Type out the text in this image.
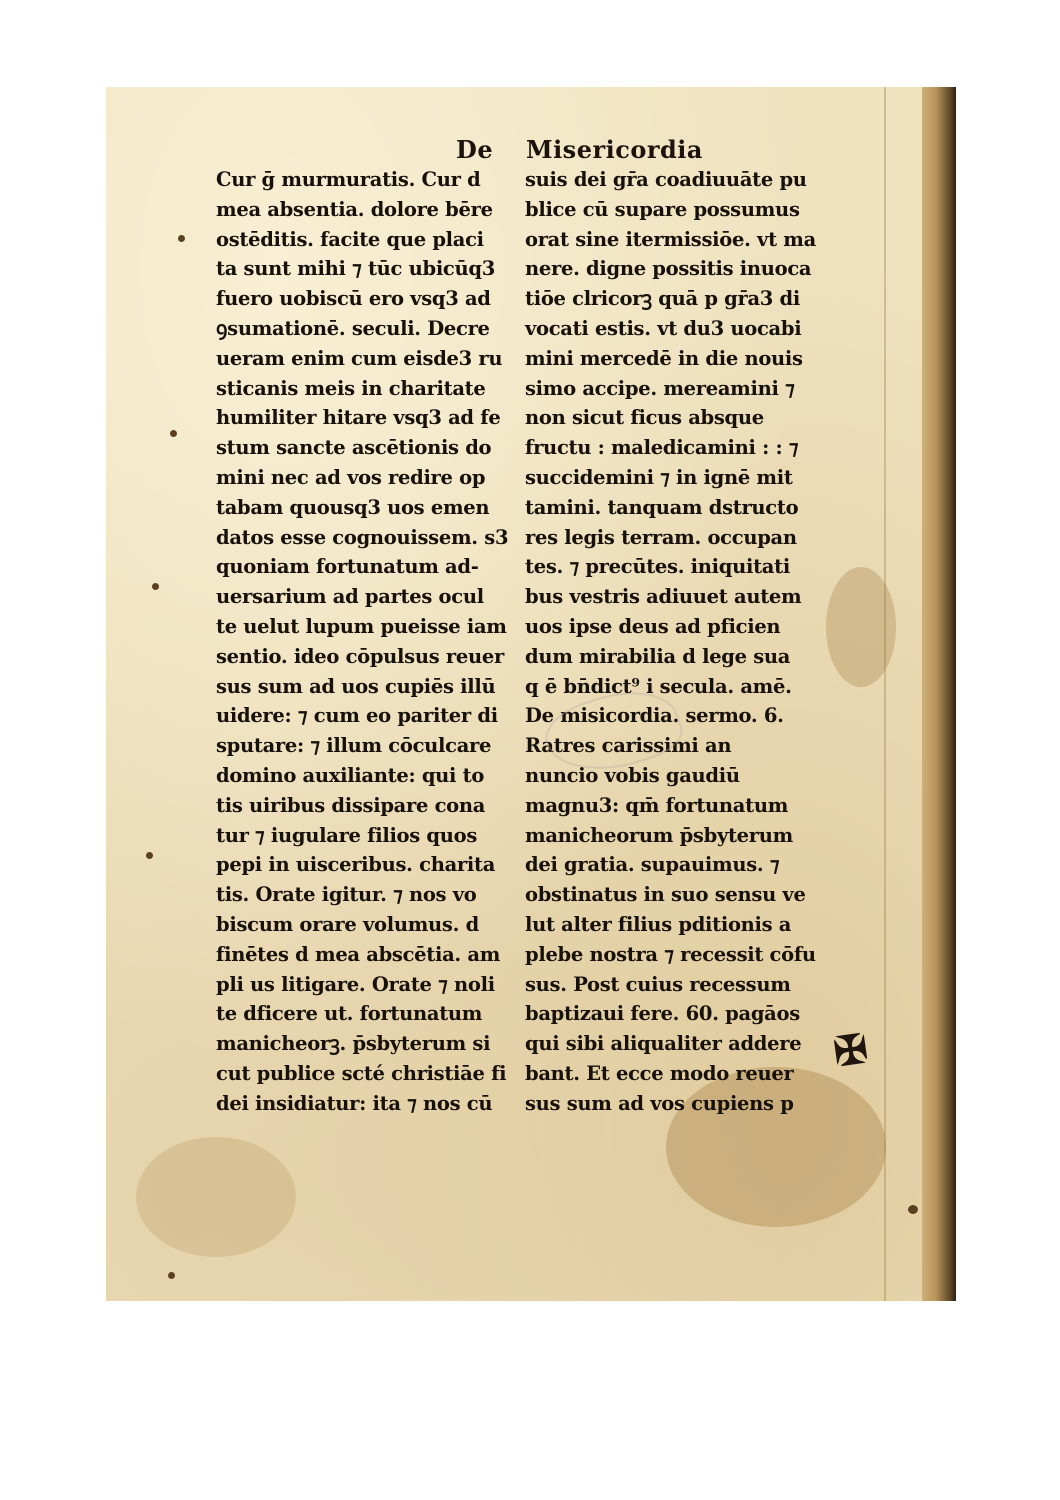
De Misericordia
Cur ḡ murmuratis. Cur d
mea absentia. dolore bēre
ostēditis. facite que placi
ta sunt mihi ⁊ tūc ubicūq3
fuero uobiscū ero vsq3 ad
ꝯsumationē. seculi. Decre
ueram enim cum eisde3 ru
sticanis meis in charitate
humiliter hitare vsq3 ad fe
stum sancte ascētionis do
mini nec ad vos redire op
tabam quousq3 uos emen
datos esse cognouissem. s3
quoniam fortunatum ad-
uersarium ad partes ocul
te uelut lupum pueisse iam
sentio. ideo cōpulsus reuer
sus sum ad uos cupiēs illū
uidere: ⁊ cum eo pariter di
sputare: ⁊ illum cōculcare
domino auxiliante: qui to
tis uiribus dissipare cona
tur ⁊ iugulare filios quos
pepi in uisceribus. charita
tis. Orate igitur. ⁊ nos vo
biscum orare volumus. d
finētes d mea abscētia. am
pli us litigare. Orate ⁊ noli
te dficere ut. fortunatum
manicheorꝫ. p̄sbyterum si
cut publice scté christiāe fi
dei insidiatur: ita ⁊ nos cū
suis dei gr̄a coadiuuāte pu
blice cū supare possumus
orat sine itermissiōe. vt ma
nere. digne possitis inuoca
tiōe clricorꝫ quā p gr̄a3 di
vocati estis. vt du3 uocabi
mini mercedē in die nouis
simo accipe. mereamini ⁊
non sicut ficus absque
fructu : maledicamini : : ⁊
succidemini ⁊ in ignē mit
tamini. tanquam dstructo
res legis terram. occupan
tes. ⁊ precūtes. iniquitati
bus vestris adiuuet autem
uos ipse deus ad pficien
dum mirabilia d lege sua
q ē bn̄dict⁹ i secula. amē.
De misicordia. sermo. 6.
Ratres carissimi an
nuncio vobis gaudiū
magnu3: qm̄ fortunatum
manicheorum p̄sbyterum
dei gratia. supauimus. ⁊
obstinatus in suo sensu ve
lut alter filius pditionis a
plebe nostra ⁊ recessit cōfu
sus. Post cuius recessum
baptizaui fere. 60. pagāos
qui sibi aliqualiter addere
bant. Et ecce modo reuer
sus sum ad vos cupiens p
✠
